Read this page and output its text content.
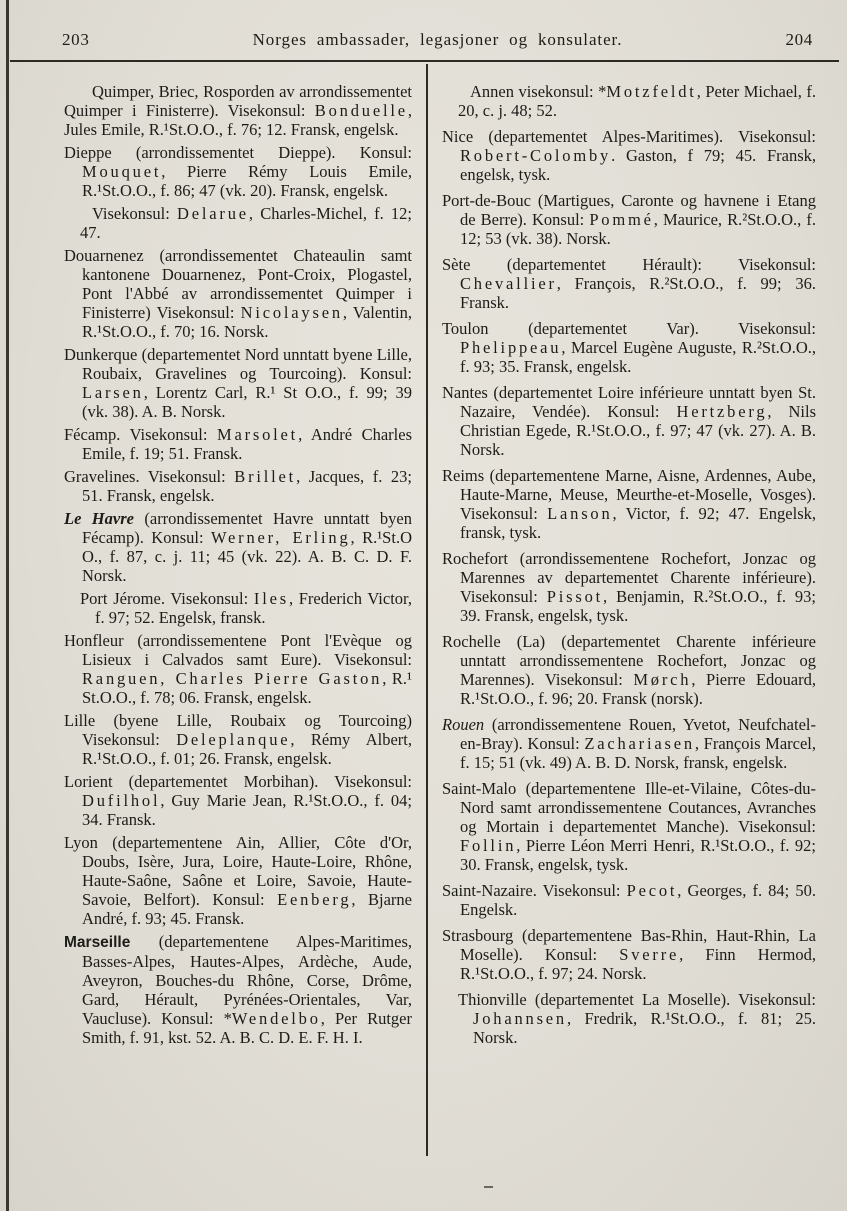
203	Norges ambassader, legasjoner og konsulater.	204

Quimper, Briec, Rosporden av arrondissementet Quimper i Finisterre). Visekonsul: Bonduelle, Jules Emile, R.¹St.O.O., f. 76; 12. Fransk, engelsk.

Dieppe (arrondissementet Dieppe). Konsul: Mouquet, Pierre Rémy Louis Emile, R.¹St.O.O., f. 86; 47 (vk. 20). Fransk, engelsk.

Visekonsul: Delarue, Charles-Michel, f. 12; 47.

Douarnenez (arrondissementet Chateaulin samt kantonene Douarnenez, Pont-Croix, Plogastel, Pont l'Abbé av arrondissementet Quimper i Finisterre) Visekonsul: Nicolaysen, Valentin, R.¹St.O.O., f. 70; 16. Norsk.

Dunkerque (departementet Nord unntatt byene Lille, Roubaix, Gravelines og Tourcoing). Konsul: Larsen, Lorentz Carl, R.¹ St O.O., f. 99; 39 (vk. 38). A. B. Norsk.

Fécamp. Visekonsul: Marsolet, André Charles Emile, f. 19; 51. Fransk.

Gravelines. Visekonsul: Brillet, Jacques, f. 23; 51. Fransk, engelsk.

Le Havre (arrondissementet Havre unntatt byen Fécamp). Konsul: Werner, Erling, R.¹St.O O., f. 87, c. j. 11; 45 (vk. 22). A. B. C. D. F. Norsk.

Port Jérome. Visekonsul: Iles, Frederich Victor, f. 97; 52. Engelsk, fransk.

Honfleur (arrondissementene Pont l'Evèque og Lisieux i Calvados samt Eure). Visekonsul: Ranguen, Charles Pierre Gaston, R.¹ St.O.O., f. 78; 06. Fransk, engelsk.

Lille (byene Lille, Roubaix og Tourcoing) Visekonsul: Deleplanque, Rémy Albert, R.¹St.O.O., f. 01; 26. Fransk, engelsk.

Lorient (departementet Morbihan). Visekonsul: Dufilhol, Guy Marie Jean, R.¹St.O.O., f. 04; 34. Fransk.

Lyon (departementene Ain, Allier, Côte d'Or, Doubs, Isère, Jura, Loire, Haute-Loire, Rhône, Haute-Saône, Saône et Loire, Savoie, Haute-Savoie, Belfort). Konsul: Eenberg, Bjarne André, f. 93; 45. Fransk.

Marseille (departementene Alpes-Maritimes, Basses-Alpes, Hautes-Alpes, Ardèche, Aude, Aveyron, Bouches-du Rhône, Corse, Drôme, Gard, Hérault, Pyrénées-Orientales, Var, Vaucluse). Konsul: *Wendelbo, Per Rutger Smith, f. 91, kst. 52. A. B. C. D. E. F. H. I.

Annen visekonsul: *Motzfeldt, Peter Michael, f. 20, c. j. 48; 52.

Nice (departementet Alpes-Maritimes). Visekonsul: Robert-Colomby. Gaston, f 79; 45. Fransk, engelsk, tysk.

Port-de-Bouc (Martigues, Caronte og havnene i Etang de Berre). Konsul: Pommé, Maurice, R.²St.O.O., f. 12; 53 (vk. 38). Norsk.

Sète (departementet Hérault): Visekonsul: Chevallier, François, R.²St.O.O., f. 99; 36. Fransk.

Toulon (departementet Var). Visekonsul: Phelippeau, Marcel Eugène Auguste, R.²St.O.O., f. 93; 35. Fransk, engelsk.

Nantes (departementet Loire inférieure unntatt byen St. Nazaire, Vendée). Konsul: Hertzberg, Nils Christian Egede, R.¹St.O.O., f. 97; 47 (vk. 27). A. B. Norsk.

Reims (departementene Marne, Aisne, Ardennes, Aube, Haute-Marne, Meuse, Meurthe-et-Moselle, Vosges). Visekonsul: Lanson, Victor, f. 92; 47. Engelsk, fransk, tysk.

Rochefort (arrondissementene Rochefort, Jonzac og Marennes av departementet Charente inférieure). Visekonsul: Pissot, Benjamin, R.²St.O.O., f. 93; 39. Fransk, engelsk, tysk.

Rochelle (La) (departementet Charente inférieure unntatt arrondissementene Rochefort, Jonzac og Marennes). Visekonsul: Mørch, Pierre Edouard, R.¹St.O.O., f. 96; 20. Fransk (norsk).

Rouen (arrondissementene Rouen, Yvetot, Neufchatel-en-Bray). Konsul: Zachariasen, François Marcel, f. 15; 51 (vk. 49) A. B. D. Norsk, fransk, engelsk.

Saint-Malo (departementene Ille-et-Vilaine, Côtes-du-Nord samt arrondissementene Coutances, Avranches og Mortain i departementet Manche). Visekonsul: Follin, Pierre Léon Merri Henri, R.¹St.O.O., f. 92; 30. Fransk, engelsk, tysk.

Saint-Nazaire. Visekonsul: Pecot, Georges, f. 84; 50. Engelsk.

Strasbourg (departementene Bas-Rhin, Haut-Rhin, La Moselle). Konsul: Sverre, Finn Hermod, R.¹St.O.O., f. 97; 24. Norsk.

Thionville (departementet La Moselle). Visekonsul: Johannsen, Fredrik, R.¹St.O.O., f. 81; 25. Norsk.
